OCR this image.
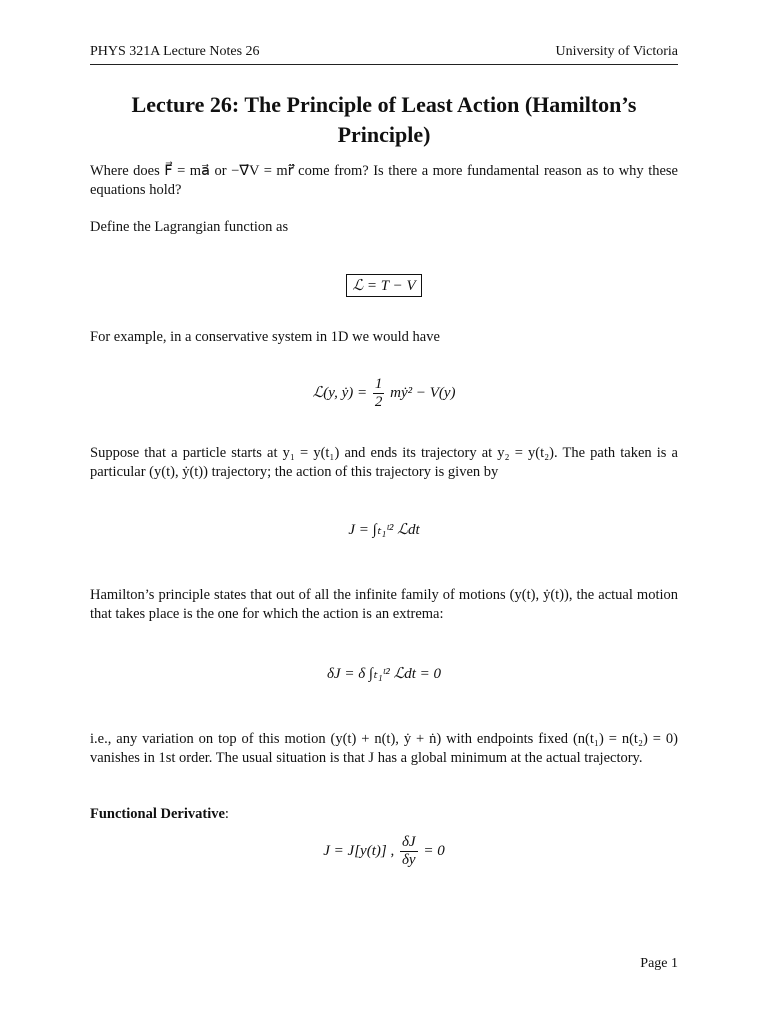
PHYS 321A Lecture Notes 26	University of Victoria
Lecture 26: The Principle of Least Action (Hamilton’s
Principle)
Where does F⃗ = ma⃗ or −∇⃗V = mr⃗̈ come from? Is there a more fundamental reason as to why these equations hold?
Define the Lagrangian function as
ℒ = T − V
For example, in a conservative system in 1D we would have
ℒ(y, ẏ) = $\frac{1}{2}$ mẏ² − V(y)
Suppose that a particle starts at y₁ = y(t₁) and ends its trajectory at y₂ = y(t₂). The path taken is a particular (y(t), ẏ(t)) trajectory; the action of this trajectory is given by
J = ∫ₜ₁ᵗ² ℒdt
Hamilton’s principle states that out of all the infinite family of motions (y(t), ẏ(t)), the actual motion that takes place is the one for which the action is an extrema:
δJ = δ ∫ₜ₁ᵗ² ℒdt = 0
i.e., any variation on top of this motion (y(t) + n(t), ẏ + ṅ) with endpoints fixed (n(t₁) = n(t₂) = 0) vanishes in 1st order. The usual situation is that J has a global minimum at the actual trajectory.
Functional Derivative:
J = J[y(t)] , $\frac{\delta J}{\delta y} = 0$
Page 1
